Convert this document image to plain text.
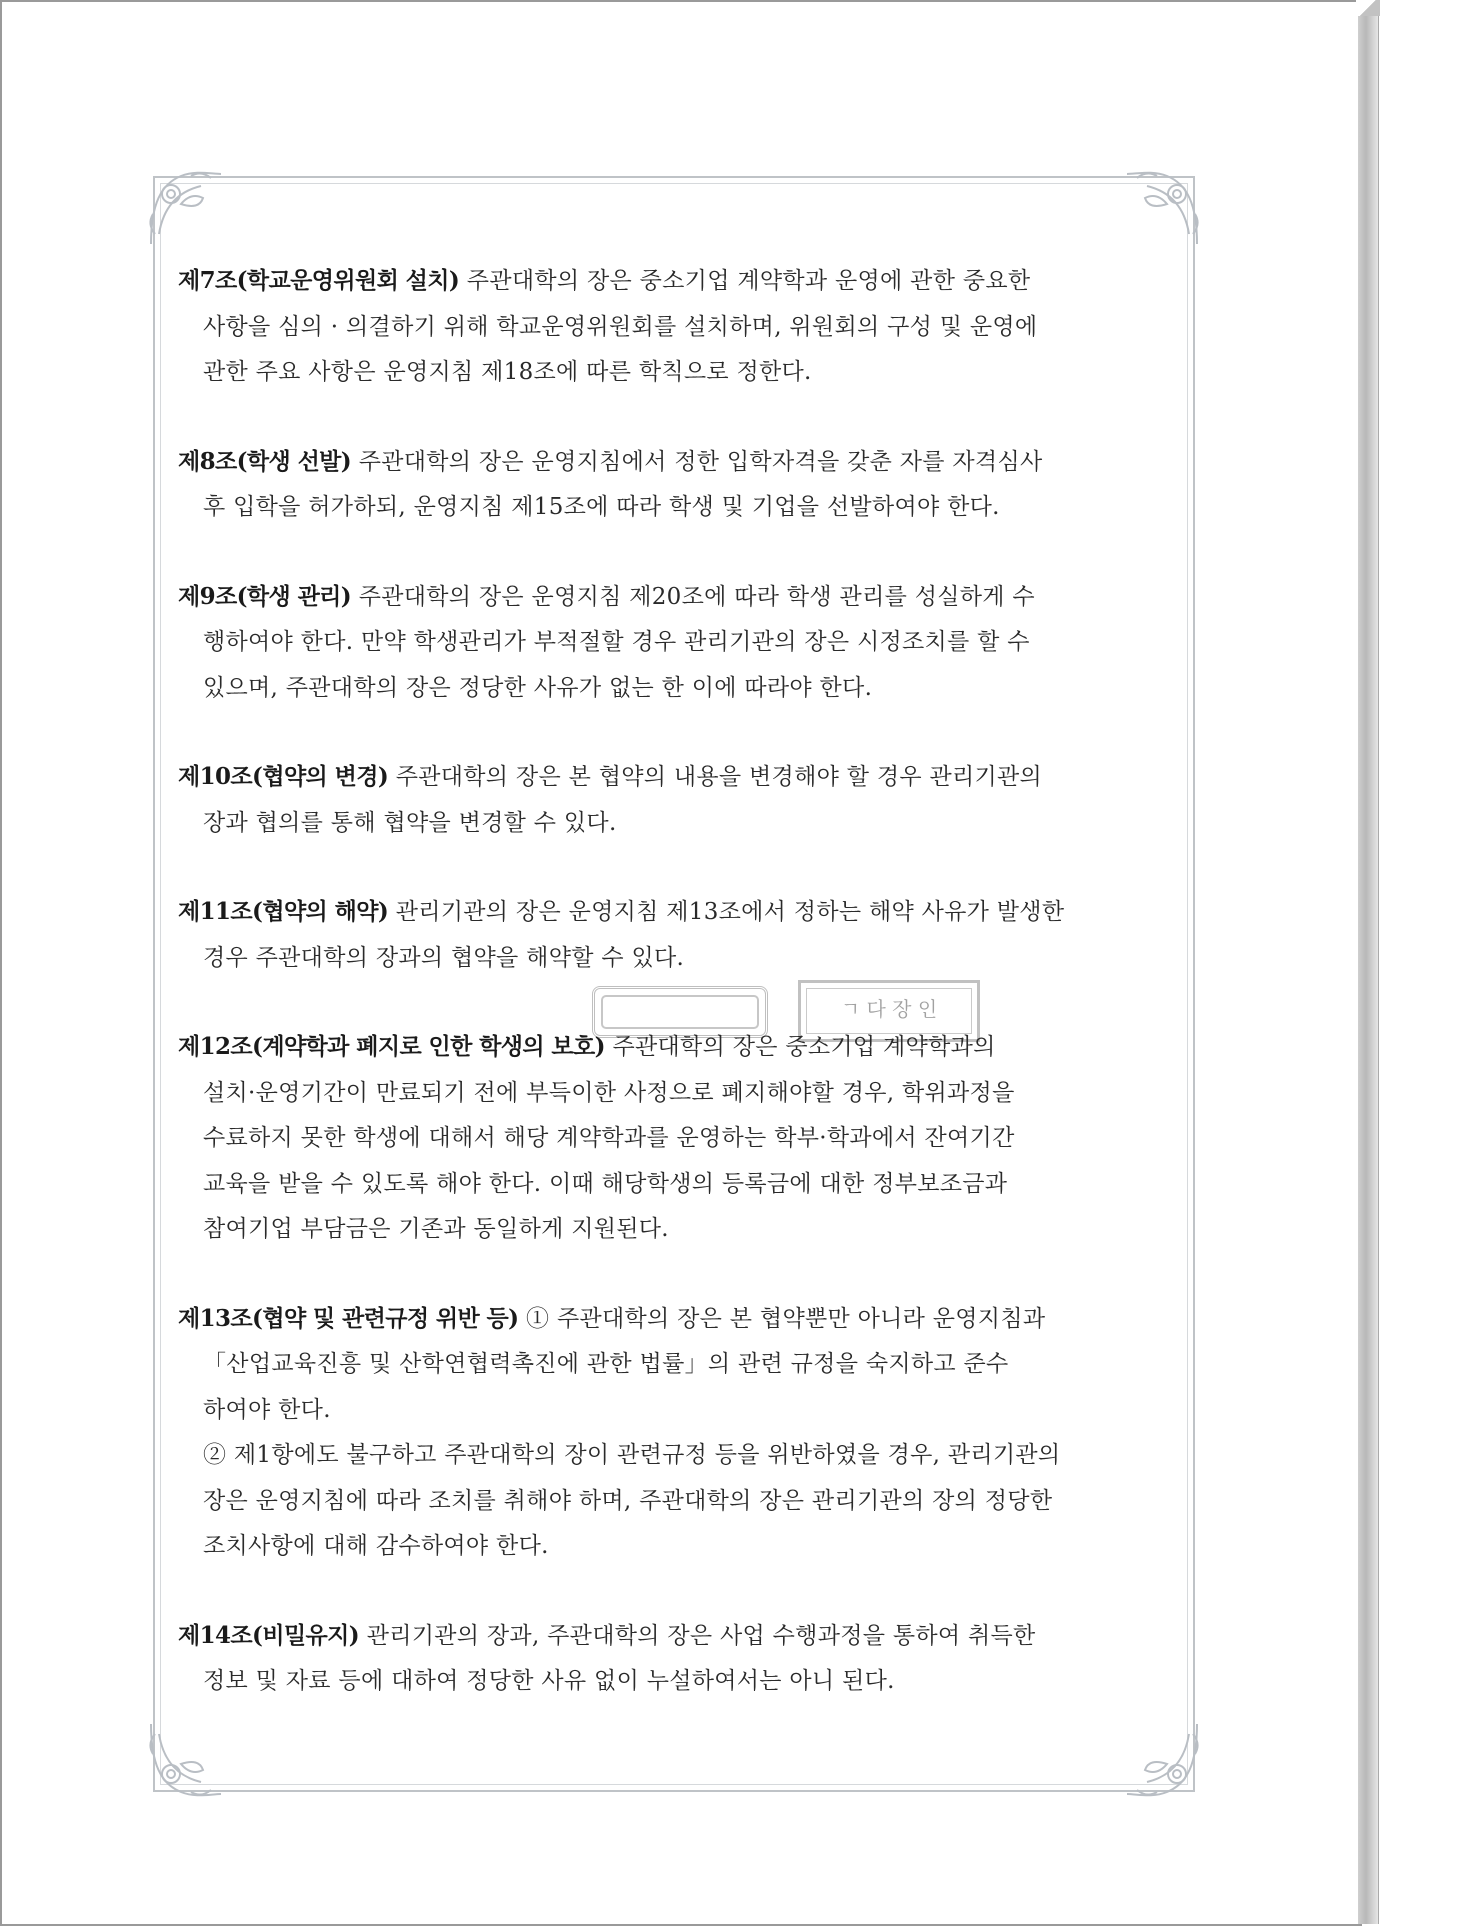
ㄱ 다 장 인
제7조(학교운영위원회 설치) 주관대학의 장은 중소기업 계약학과 운영에 관한 중요한
사항을 심의 · 의결하기 위해 학교운영위원회를 설치하며, 위원회의 구성 및 운영에
관한 주요 사항은 운영지침 제18조에 따른 학칙으로 정한다.
제8조(학생 선발) 주관대학의 장은 운영지침에서 정한 입학자격을 갖춘 자를 자격심사
후 입학을 허가하되, 운영지침 제15조에 따라 학생 및 기업을 선발하여야 한다.
제9조(학생 관리) 주관대학의 장은 운영지침 제20조에 따라 학생 관리를 성실하게 수
행하여야 한다. 만약 학생관리가 부적절할 경우 관리기관의 장은 시정조치를 할 수
있으며, 주관대학의 장은 정당한 사유가 없는 한 이에 따라야 한다.
제10조(협약의 변경) 주관대학의 장은 본 협약의 내용을 변경해야 할 경우 관리기관의
장과 협의를 통해 협약을 변경할 수 있다.
제11조(협약의 해약) 관리기관의 장은 운영지침 제13조에서 정하는 해약 사유가 발생한
경우 주관대학의 장과의 협약을 해약할 수 있다.
제12조(계약학과 폐지로 인한 학생의 보호) 주관대학의 장은 중소기업 계약학과의
설치·운영기간이 만료되기 전에 부득이한 사정으로 폐지해야할 경우, 학위과정을
수료하지 못한 학생에 대해서 해당 계약학과를 운영하는 학부·학과에서 잔여기간
교육을 받을 수 있도록 해야 한다. 이때 해당학생의 등록금에 대한 정부보조금과
참여기업 부담금은 기존과 동일하게 지원된다.
제13조(협약 및 관련규정 위반 등) ① 주관대학의 장은 본 협약뿐만 아니라 운영지침과
「산업교육진흥 및 산학연협력촉진에 관한 법률」의 관련 규정을 숙지하고 준수
하여야 한다.
② 제1항에도 불구하고 주관대학의 장이 관련규정 등을 위반하였을 경우, 관리기관의
장은 운영지침에 따라 조치를 취해야 하며, 주관대학의 장은 관리기관의 장의 정당한
조치사항에 대해 감수하여야 한다.
제14조(비밀유지) 관리기관의 장과, 주관대학의 장은 사업 수행과정을 통하여 취득한
정보 및 자료 등에 대하여 정당한 사유 없이 누설하여서는 아니 된다.
